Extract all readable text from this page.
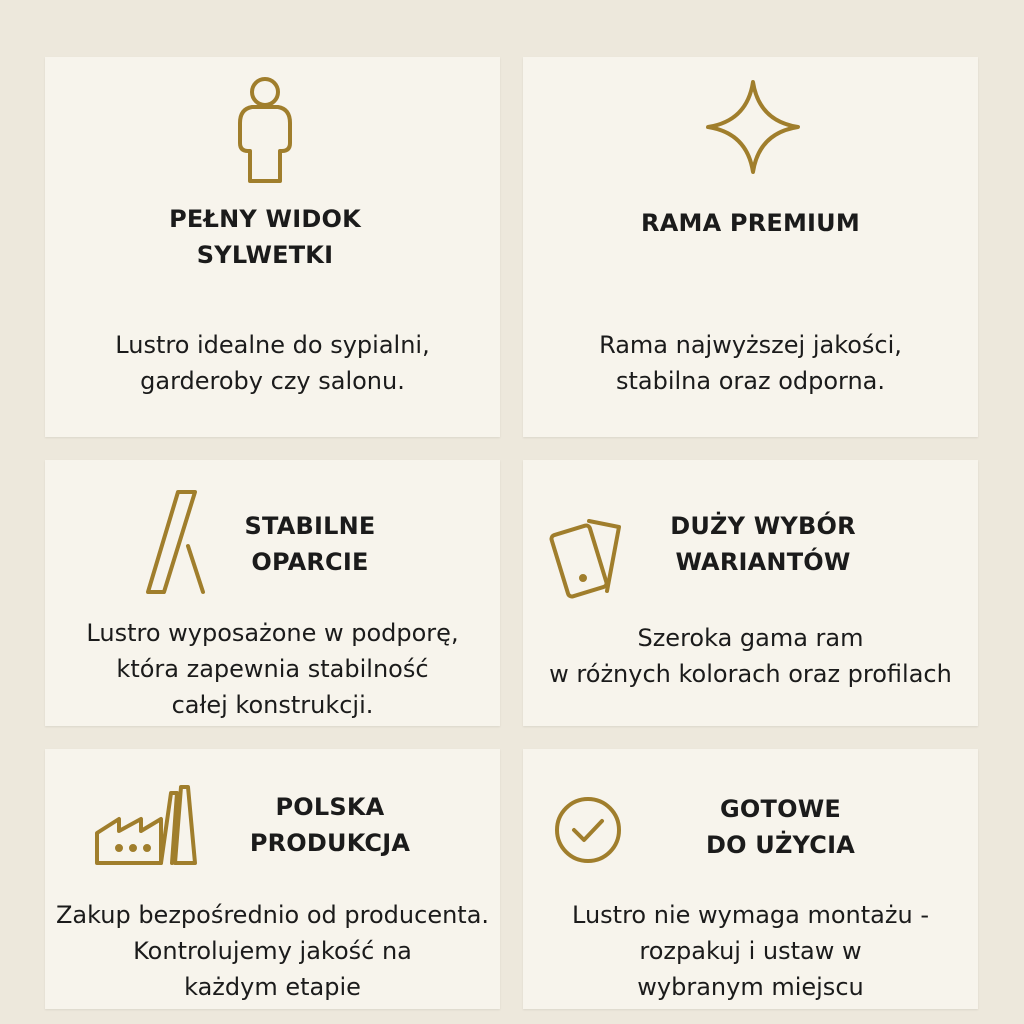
PEŁNY WIDOK
SYLWETKI
Lustro idealne do sypialni,
garderoby czy salonu.
RAMA PREMIUM
Rama najwyższej jakości,
stabilna oraz odporna.
STABILNE
OPARCIE
Lustro wyposażone w podporę,
która zapewnia stabilność
całej konstrukcji.
DUŻY WYBÓR
WARIANTÓW
Szeroka gama ram
w różnych kolorach oraz profilach
POLSKA
PRODUKCJA
Zakup bezpośrednio od producenta.
Kontrolujemy jakość na
każdym etapie
GOTOWE
DO UŻYCIA
Lustro nie wymaga montażu -
rozpakuj i ustaw w
wybranym miejscu
